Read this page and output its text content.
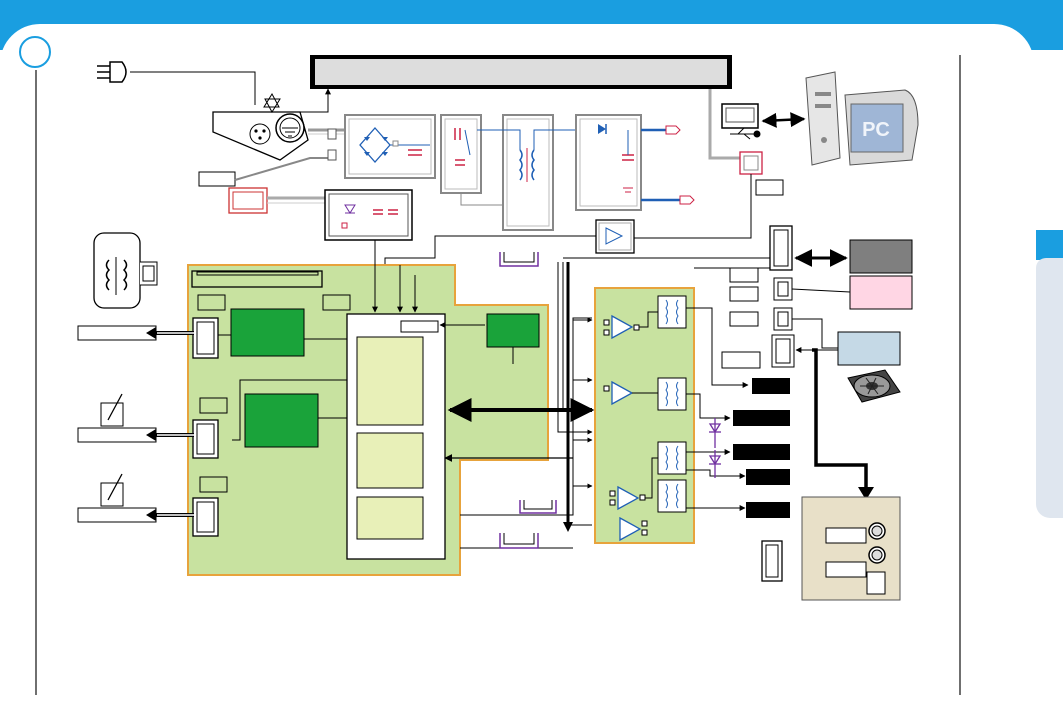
PC
